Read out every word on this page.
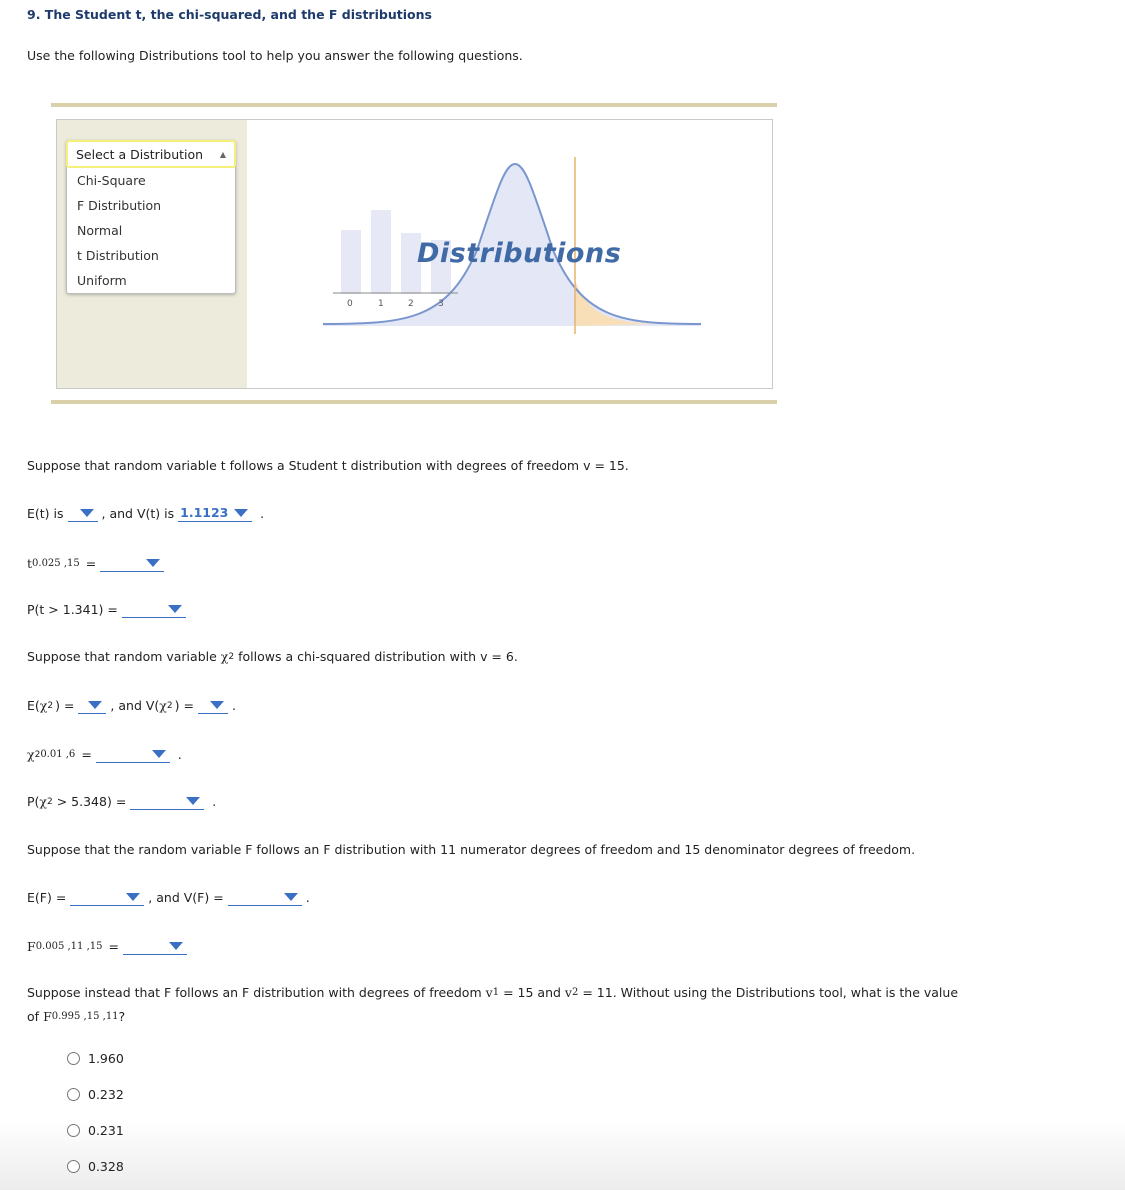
9. The Student t, the chi-squared, and the F distributions
Use the following Distributions tool to help you answer the following questions.
Select a Distribution ▲
Chi-Square
F Distribution
Normal
t Distribution
Uniform
0	1	2	3
Distributions
Suppose that random variable t follows a Student t distribution with degrees of freedom v = 15.
E(t) is	, and V(t) is 1.1123	.
t 0.025 ,15 =
P(t > 1.341) =
Suppose that random variable χ 2 follows a chi-squared distribution with v = 6.
E( χ 2 ) =	, and V( χ 2 ) =	.
χ 2 0.01 ,6 =	.
P( χ 2 > 5.348) =	.
Suppose that the random variable F follows an F distribution with 11 numerator degrees of freedom and 15 denominator degrees of freedom.
E(F) =	, and V(F) =	.
F 0.005 ,11 ,15 =
Suppose instead that F follows an F distribution with degrees of freedom v 1 = 15 and v 2 = 11. Without using the Distributions tool, what is the value
of F 0.995 ,15 ,11 ?
1.960
0.232
0.231
0.328
